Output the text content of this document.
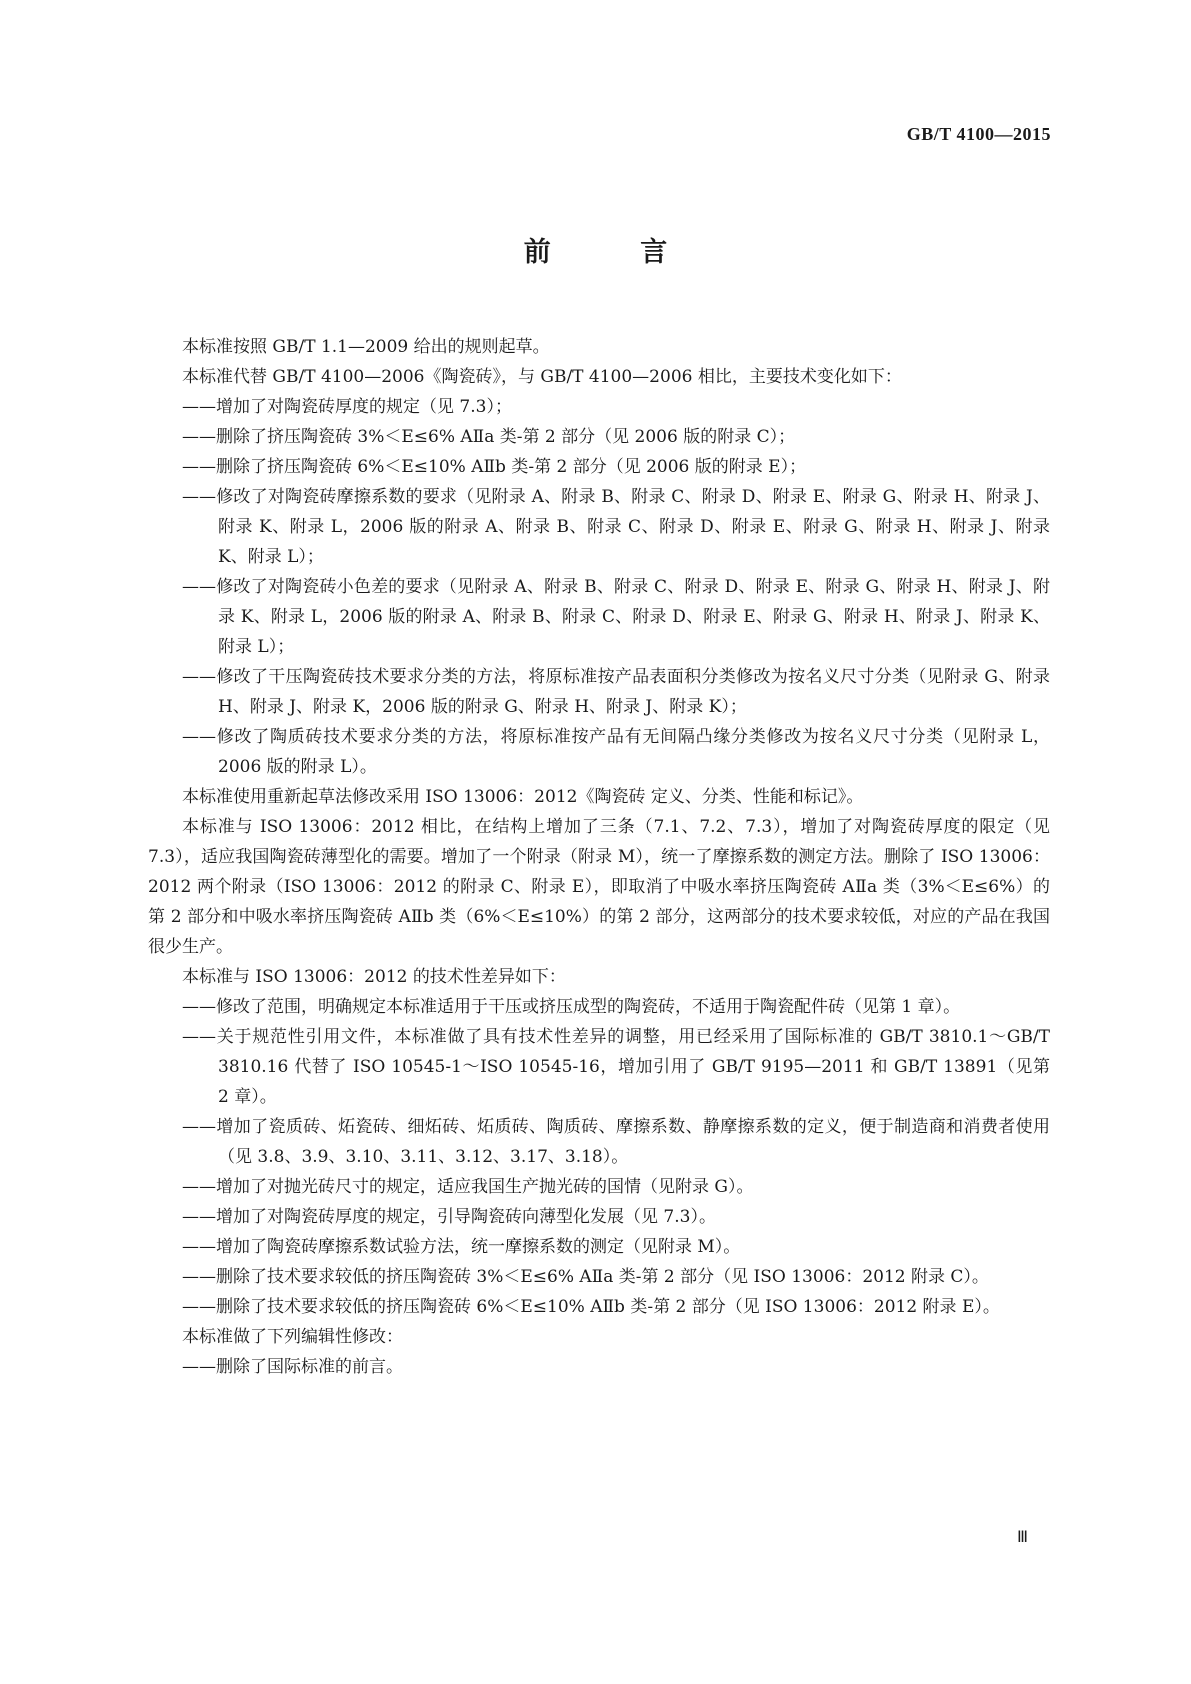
GB/T 4100—2015
前 言

本标准按照 GB/T 1.1—2009 给出的规则起草。

本标准代替 GB/T 4100—2006《陶瓷砖》，与 GB/T 4100—2006 相比，主要技术变化如下：

——增加了对陶瓷砖厚度的规定（见 7.3）；

——删除了挤压陶瓷砖 3%＜E≤6% AⅡa 类-第 2 部分（见 2006 版的附录 C）；

——删除了挤压陶瓷砖 6%＜E≤10% AⅡb 类-第 2 部分（见 2006 版的附录 E）；

——修改了对陶瓷砖摩擦系数的要求（见附录 A、附录 B、附录 C、附录 D、附录 E、附录 G、附录 H、附录 J、附录 K、附录 L，2006 版的附录 A、附录 B、附录 C、附录 D、附录 E、附录 G、附录 H、附录 J、附录 K、附录 L）；

——修改了对陶瓷砖小色差的要求（见附录 A、附录 B、附录 C、附录 D、附录 E、附录 G、附录 H、附录 J、附录 K、附录 L，2006 版的附录 A、附录 B、附录 C、附录 D、附录 E、附录 G、附录 H、附录 J、附录 K、附录 L）；

——修改了干压陶瓷砖技术要求分类的方法，将原标准按产品表面积分类修改为按名义尺寸分类（见附录 G、附录 H、附录 J、附录 K，2006 版的附录 G、附录 H、附录 J、附录 K）；

——修改了陶质砖技术要求分类的方法，将原标准按产品有无间隔凸缘分类修改为按名义尺寸分类（见附录 L，2006 版的附录 L）。

本标准使用重新起草法修改采用 ISO 13006：2012《陶瓷砖 定义、分类、性能和标记》。

本标准与 ISO 13006：2012 相比，在结构上增加了三条（7.1、7.2、7.3），增加了对陶瓷砖厚度的限定（见 7.3），适应我国陶瓷砖薄型化的需要。增加了一个附录（附录 M），统一了摩擦系数的测定方法。删除了 ISO 13006：2012 两个附录（ISO 13006：2012 的附录 C、附录 E），即取消了中吸水率挤压陶瓷砖 AⅡa 类（3%＜E≤6%）的第 2 部分和中吸水率挤压陶瓷砖 AⅡb 类（6%＜E≤10%）的第 2 部分，这两部分的技术要求较低，对应的产品在我国很少生产。

本标准与 ISO 13006：2012 的技术性差异如下：

——修改了范围，明确规定本标准适用于干压或挤压成型的陶瓷砖，不适用于陶瓷配件砖（见第 1 章）。

——关于规范性引用文件，本标准做了具有技术性差异的调整，用已经采用了国际标准的 GB/T 3810.1～GB/T 3810.16 代替了 ISO 10545-1～ISO 10545-16，增加引用了 GB/T 9195—2011 和 GB/T 13891（见第 2 章）。

——增加了瓷质砖、炻瓷砖、细炻砖、炻质砖、陶质砖、摩擦系数、静摩擦系数的定义，便于制造商和消费者使用（见 3.8、3.9、3.10、3.11、3.12、3.17、3.18）。

——增加了对抛光砖尺寸的规定，适应我国生产抛光砖的国情（见附录 G）。

——增加了对陶瓷砖厚度的规定，引导陶瓷砖向薄型化发展（见 7.3）。

——增加了陶瓷砖摩擦系数试验方法，统一摩擦系数的测定（见附录 M）。

——删除了技术要求较低的挤压陶瓷砖 3%＜E≤6% AⅡa 类-第 2 部分（见 ISO 13006：2012 附录 C）。

——删除了技术要求较低的挤压陶瓷砖 6%＜E≤10% AⅡb 类-第 2 部分（见 ISO 13006：2012 附录 E）。

本标准做了下列编辑性修改：

——删除了国际标准的前言。

Ⅲ
